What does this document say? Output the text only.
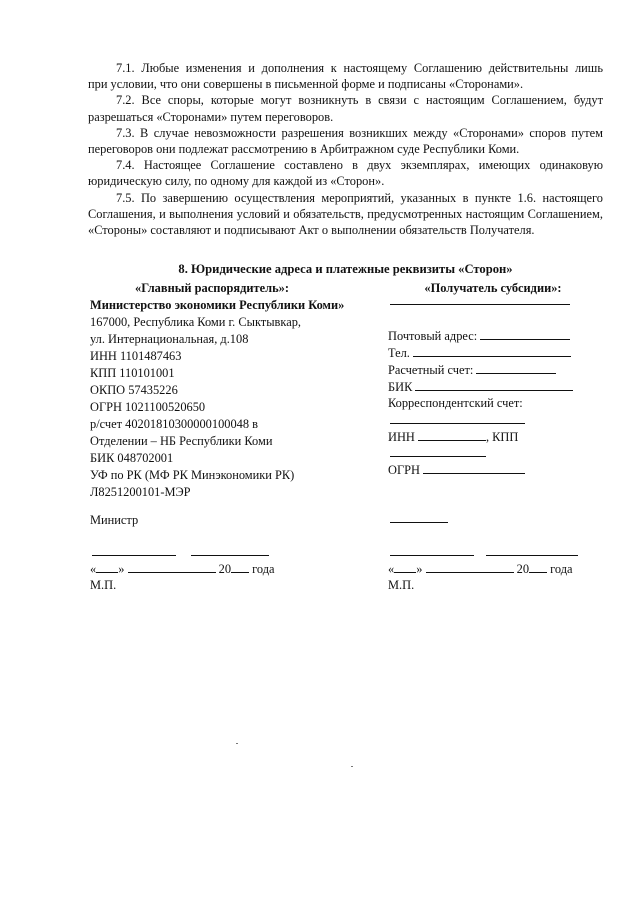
7.1. Любые изменения и дополнения к настоящему Соглашению действительны лишь
при условии, что они совершены в письменной форме и подписаны «Сторонами».

7.2. Все споры, которые могут возникнуть в связи с настоящим Соглашением, будут
разрешаться «Сторонами» путем переговоров.

7.3. В случае невозможности разрешения возникших между «Сторонами» споров путем
переговоров они подлежат рассмотрению в Арбитражном суде Республики Коми.

7.4. Настоящее Соглашение составлено в двух экземплярах, имеющих одинаковую
юридическую силу, по одному для каждой из «Сторон».

7.5. По завершению осуществления мероприятий, указанных в пункте 1.6. настоящего
Соглашения, и выполнения условий и обязательств, предусмотренных настоящим Соглашением, «Стороны» составляют и подписывают Акт о выполнении обязательств Получателя.

8. Юридические адреса и платежные реквизиты «Сторон»

«Главный распорядитель»:
Министерство экономики Республики Коми»
167000, Республика Коми г. Сыктывкар,
ул. Интернациональная, д.108
ИНН 1101487463
КПП 110101001
ОКПО 57435226
ОГРН 1021100520650
р/счет 40201810300000100048 в
Отделении – НБ Республики Коми
БИК 048702001
УФ по РК (МФ РК Минэкономики РК)
Л8251200101-МЭР
Министр
« »	20 года
М.П.
«Получатель субсидии»:
Почтовый адрес:
Тел.
Расчетный счет:
БИК
Корреспондентский счет:
ИНН	, КПП
ОГРН
« »	20 года
М.П.
